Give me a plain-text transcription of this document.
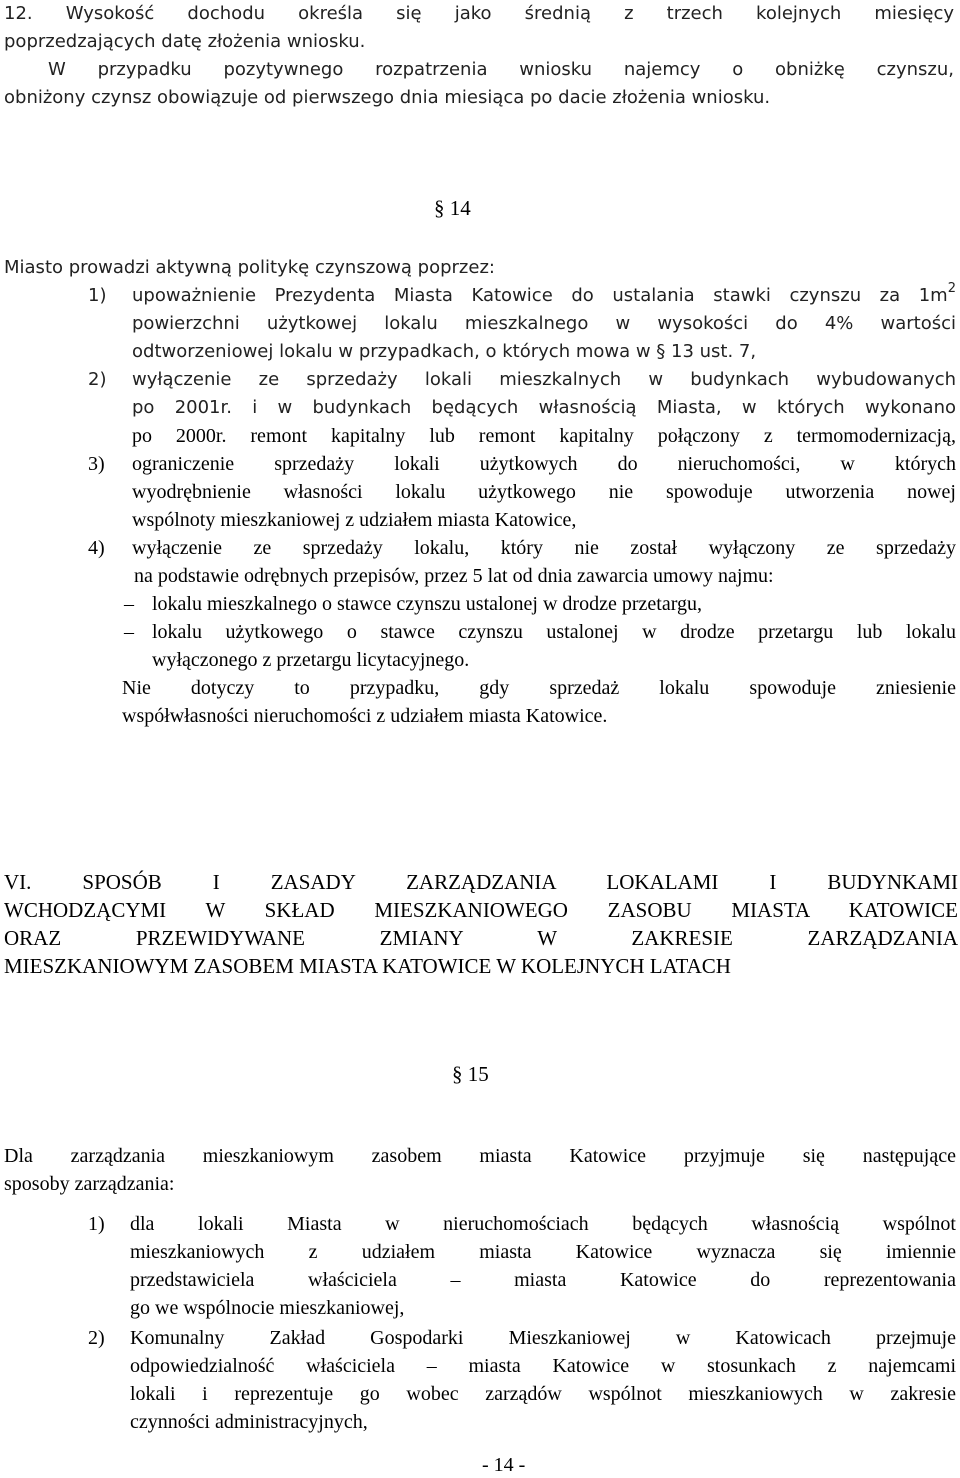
12. Wysokość dochodu określa się jako średnią z trzech kolejnych miesięcy
poprzedzających datę złożenia wniosku.
W przypadku pozytywnego rozpatrzenia wniosku najemcy o obniżkę czynszu,
obniżony czynsz obowiązuje od pierwszego dnia miesiąca po dacie złożenia wniosku.
§ 14
Miasto prowadzi aktywną politykę czynszową poprzez:
1) upoważnienie Prezydenta Miasta Katowice do ustalania stawki czynszu za $1m^2$
powierzchni użytkowej lokalu mieszkalnego w wysokości do 4% wartości
odtworzeniowej lokalu w przypadkach, o których mowa w § 13 ust. 7,
2) wyłączenie ze sprzedaży lokali mieszkalnych w budynkach wybudowanych
po 2001r. i w budynkach będących własnością Miasta, w których wykonano
po 2000r. remont kapitalny lub remont kapitalny połączony z termomodernizacją,
3) ograniczenie sprzedaży lokali użytkowych do nieruchomości, w których
wyodrębnienie własności lokalu użytkowego nie spowoduje utworzenia nowej
wspólnoty mieszkaniowej z udziałem miasta Katowice,
4) wyłączenie ze sprzedaży lokalu, który nie został wyłączony ze sprzedaży
na podstawie odrębnych przepisów, przez 5 lat od dnia zawarcia umowy najmu:
– lokalu mieszkalnego o stawce czynszu ustalonej w drodze przetargu,
– lokalu użytkowego o stawce czynszu ustalonej w drodze przetargu lub lokalu
wyłączonego z przetargu licytacyjnego.
Nie dotyczy to przypadku, gdy sprzedaż lokalu spowoduje zniesienie
współwłasności nieruchomości z udziałem miasta Katowice.
VI. SPOSÓB I ZASADY ZARZĄDZANIA LOKALAMI I BUDYNKAMI
WCHODZĄCYMI W SKŁAD MIESZKANIOWEGO ZASOBU MIASTA KATOWICE
ORAZ PRZEWIDYWANE ZMIANY W ZAKRESIE ZARZĄDZANIA
MIESZKANIOWYM ZASOBEM MIASTA KATOWICE W KOLEJNYCH LATACH
§ 15
Dla zarządzania mieszkaniowym zasobem miasta Katowice przyjmuje się następujące
sposoby zarządzania:
1) dla lokali Miasta w nieruchomościach będących własnością wspólnot
mieszkaniowych z udziałem miasta Katowice wyznacza się imiennie
przedstawiciela właściciela – miasta Katowice do reprezentowania
go we wspólnocie mieszkaniowej,
2) Komunalny Zakład Gospodarki Mieszkaniowej w Katowicach przejmuje
odpowiedzialność właściciela – miasta Katowice w stosunkach z najemcami
lokali i reprezentuje go wobec zarządów wspólnot mieszkaniowych w zakresie
czynności administracyjnych,
- 14 -
